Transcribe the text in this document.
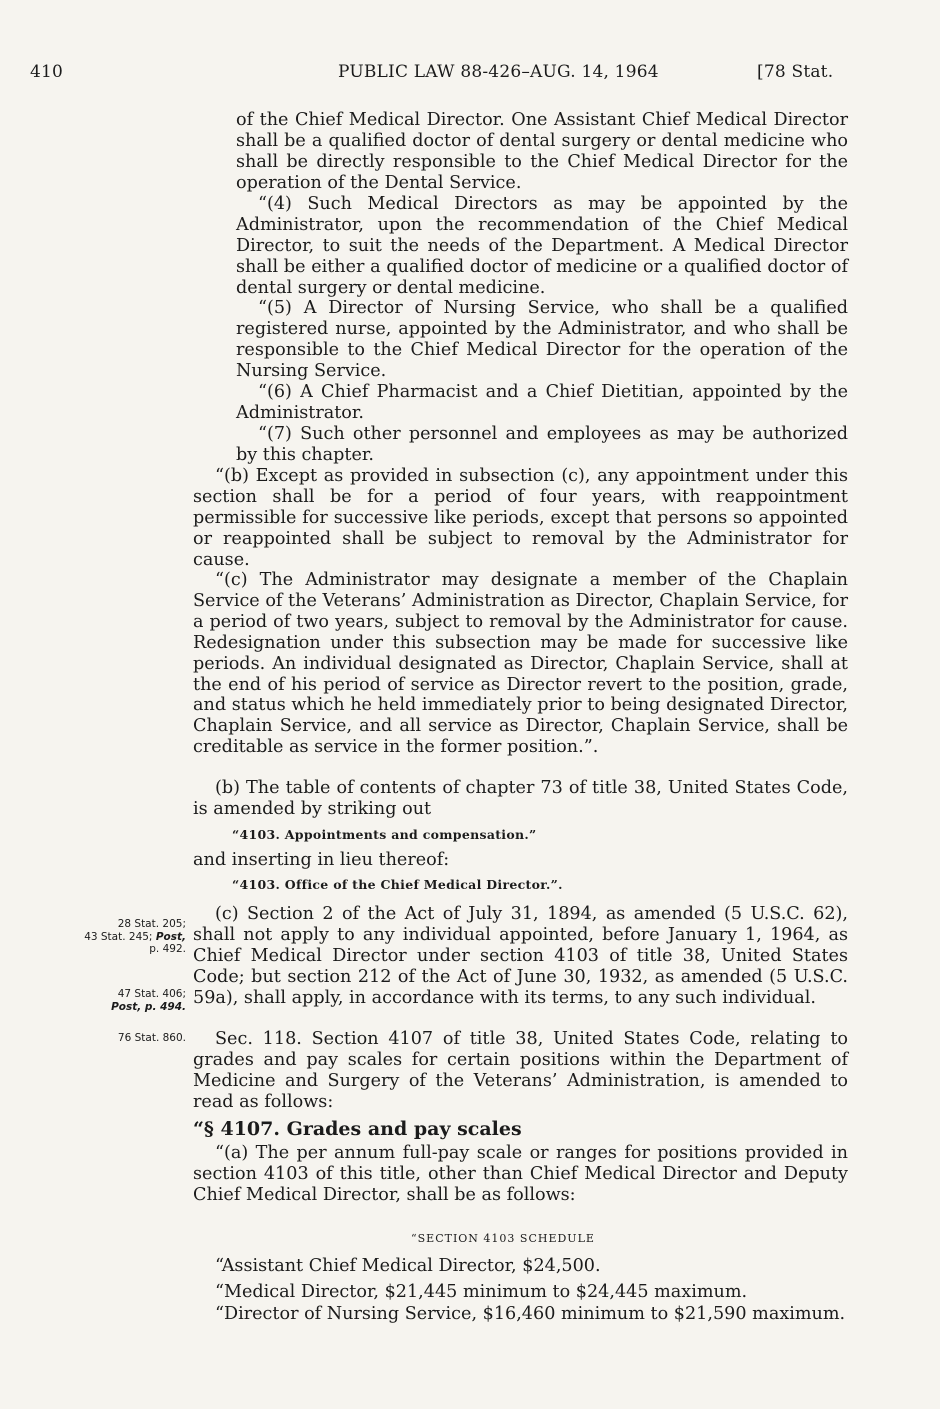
410	PUBLIC LAW 88-426–AUG. 14, 1964	[78 Stat.
of the Chief Medical Director. One Assistant Chief Medical Director shall be a qualified doctor of dental surgery or dental medicine who shall be directly responsible to the Chief Medical Director for the operation of the Dental Service.
“(4) Such Medical Directors as may be appointed by the Administrator, upon the recommendation of the Chief Medical Director, to suit the needs of the Department. A Medical Director shall be either a qualified doctor of medicine or a qualified doctor of dental surgery or dental medicine.
“(5) A Director of Nursing Service, who shall be a qualified registered nurse, appointed by the Administrator, and who shall be responsible to the Chief Medical Director for the operation of the Nursing Service.
“(6) A Chief Pharmacist and a Chief Dietitian, appointed by the Administrator.
“(7) Such other personnel and employees as may be authorized by this chapter.
“(b) Except as provided in subsection (c), any appointment under this section shall be for a period of four years, with reappointment permissible for successive like periods, except that persons so appointed or reappointed shall be subject to removal by the Administrator for cause.
“(c) The Administrator may designate a member of the Chaplain Service of the Veterans’ Administration as Director, Chaplain Service, for a period of two years, subject to removal by the Administrator for cause. Redesignation under this subsection may be made for successive like periods. An individual designated as Director, Chaplain Service, shall at the end of his period of service as Director revert to the position, grade, and status which he held immediately prior to being designated Director, Chaplain Service, and all service as Director, Chaplain Service, shall be creditable as service in the former position.”.
(b) The table of contents of chapter 73 of title 38, United States Code, is amended by striking out
“4103. Appointments and compensation.”
and inserting in lieu thereof:
“4103. Office of the Chief Medical Director.”.
(c) Section 2 of the Act of July 31, 1894, as amended (5 U.S.C. 62), shall not apply to any individual appointed, before January 1, 1964, as Chief Medical Director under section 4103 of title 38, United States Code; but section 212 of the Act of June 30, 1932, as amended (5 U.S.C. 59a), shall apply, in accordance with its terms, to any such individual.
Sec. 118. Section 4107 of title 38, United States Code, relating to grades and pay scales for certain positions within the Department of Medicine and Surgery of the Veterans’ Administration, is amended to read as follows:
“§ 4107. Grades and pay scales
“(a) The per annum full-pay scale or ranges for positions provided in section 4103 of this title, other than Chief Medical Director and Deputy Chief Medical Director, shall be as follows:
“SECTION 4103 SCHEDULE
“Assistant Chief Medical Director, $24,500.
“Medical Director, $21,445 minimum to $24,445 maximum.
“Director of Nursing Service, $16,460 minimum to $21,590 maximum.
28 Stat. 205;
43 Stat. 245; Post,
p. 492.
47 Stat. 406;
Post, p. 494.
76 Stat. 860.
